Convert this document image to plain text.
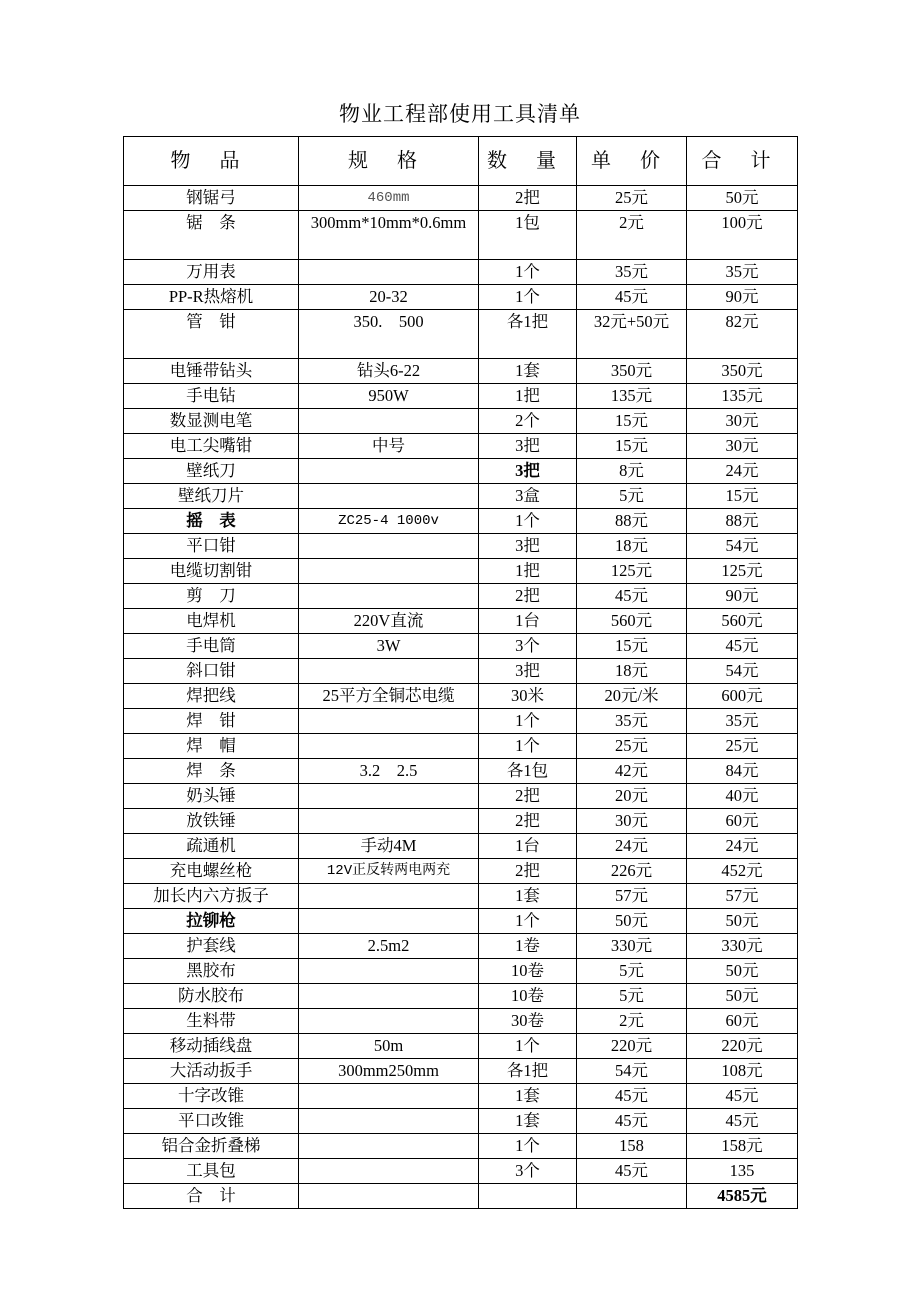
物业工程部使用工具清单
物 品	规 格	数 量	单 价	合 计
钢锯弓	460mm	2把	25元	50元
锯　条	300mm*10mm*0.6mm	1包	2元	100元
万用表		1个	35元	35元
PP-R热熔机	20-32	1个	45元	90元
管　钳	350.　500	各1把	32元+50元	82元
电锤带钻头	钻头6-22	1套	350元	350元
手电钻	950W	1把	135元	135元
数显测电笔		2个	15元	30元
电工尖嘴钳	中号	3把	15元	30元
壁纸刀		3把	8元	24元
壁纸刀片		3盒	5元	15元
摇　表	ZC25-4 1000v	1个	88元	88元
平口钳		3把	18元	54元
电缆切割钳		1把	125元	125元
剪　刀		2把	45元	90元
电焊机	220V直流	1台	560元	560元
手电筒	3W	3个	15元	45元
斜口钳		3把	18元	54元
焊把线	25平方全铜芯电缆	30米	20元/米	600元
焊　钳		1个	35元	35元
焊　帽		1个	25元	25元
焊　条	3.2　2.5	各1包	42元	84元
奶头锤		2把	20元	40元
放铁锤		2把	30元	60元
疏通机	手动4M	1台	24元	24元
充电螺丝枪	12V正反转两电两充	2把	226元	452元
加长内六方扳子		1套	57元	57元
拉铆枪		1个	50元	50元
护套线	2.5m2	1卷	330元	330元
黑胶布		10卷	5元	50元
防水胶布		10卷	5元	50元
生料带		30卷	2元	60元
移动插线盘	50m	1个	220元	220元
大活动扳手	300mm250mm	各1把	54元	108元
十字改锥		1套	45元	45元
平口改锥		1套	45元	45元
铝合金折叠梯		1个	158	158元
工具包		3个	45元	135
合　计				4585元
